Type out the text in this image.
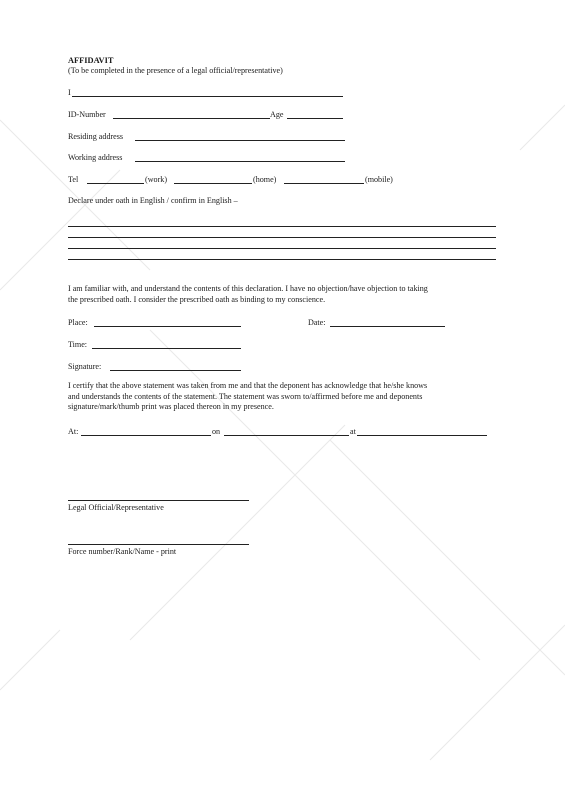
AFFIDAVIT
(To be completed in the presence of a legal official/representative)
I
ID-Number	Age
Residing address
Working address
Tel	(work)	(home)	(mobile)
Declare under oath in English / confirm in English –
I am familiar with, and understand the contents of this declaration. I have no objection/have objection to taking
the prescribed oath. I consider the prescribed oath as binding to my conscience.
Place:	Date:
Time:
Signature:
I certify that the above statement was taken from me and that the deponent has acknowledge that he/she knows
and understands the contents of the statement. The statement was sworn to/affirmed before me and deponents
signature/mark/thumb print was placed thereon in my presence.
At:	on	at
Legal Official/Representative
Force number/Rank/Name - print
